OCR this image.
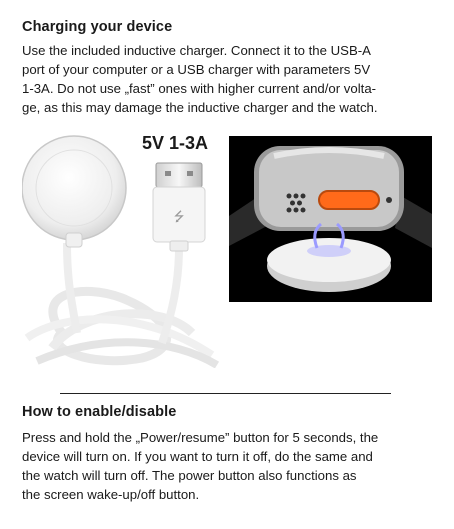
Charging your device
Use the included inductive charger. Connect it to the USB-A
port of your computer or a USB charger with parameters 5V
1-3A. Do not use „fast” ones with higher current and/or volta-
ge, as this may damage the inductive charger and the watch.
⭍
5V 1-3A
How to enable/disable
Press and hold the „Power/resume” button for 5 seconds, the
device will turn on. If you want to turn it off, do the same and
the watch will turn off. The power button also functions as
the screen wake-up/off button.
